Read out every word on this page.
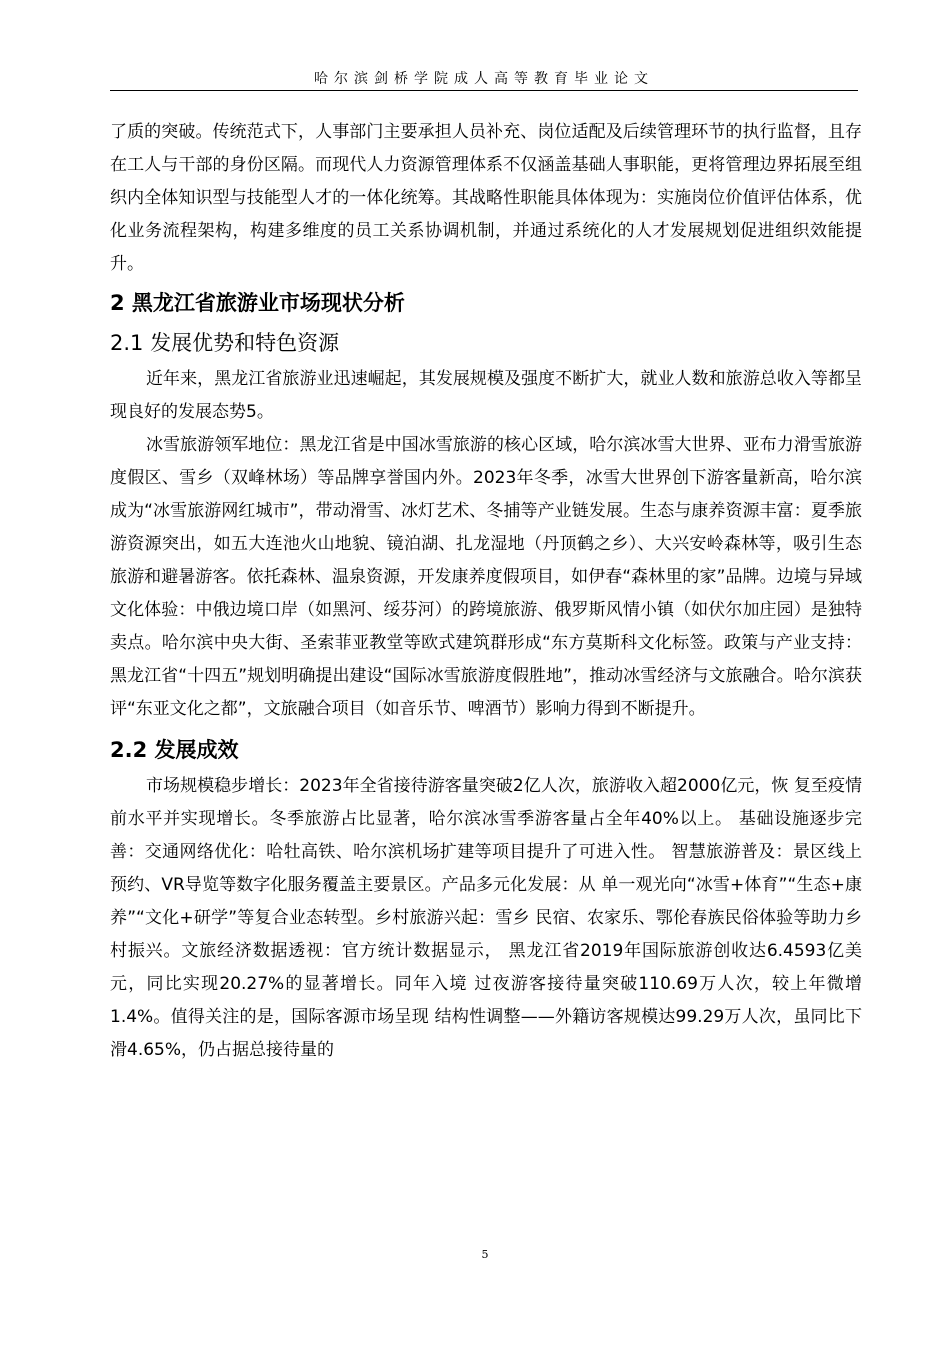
哈尔滨剑桥学院成人高等教育毕业论文

了质的突破。传统范式下，人事部门主要承担人员补充、岗位适配及后续管理环节的执行监督，且存在工人与干部的身份区隔。而现代人力资源管理体系不仅涵盖基础人事职能，更将管理边界拓展至组织内全体知识型与技能型人才的一体化统筹。其战略性职能具体体现为：实施岗位价值评估体系，优化业务流程架构，构建多维度的员工关系协调机制，并通过系统化的人才发展规划促进组织效能提升。

2 黑龙江省旅游业市场现状分析
2.1 发展优势和特色资源

近年来，黑龙江省旅游业迅速崛起，其发展规模及强度不断扩大，就业人数和旅游总收入等都呈现良好的发展态势5。

冰雪旅游领军地位：黑龙江省是中国冰雪旅游的核心区域，哈尔滨冰雪大世界、亚布力滑雪旅游度假区、雪乡（双峰林场）等品牌享誉国内外。2023年冬季，冰雪大世界创下游客量新高，哈尔滨成为“冰雪旅游网红城市”，带动滑雪、冰灯艺术、冬捕等产业链发展。生态与康养资源丰富：夏季旅游资源突出，如五大连池火山地貌、镜泊湖、扎龙湿地（丹顶鹤之乡）、大兴安岭森林等，吸引生态旅游和避暑游客。依托森林、温泉资源，开发康养度假项目，如伊春“森林里的家”品牌。边境与异域文化体验：中俄边境口岸（如黑河、绥芬河）的跨境旅游、俄罗斯风情小镇（如伏尔加庄园）是独特卖点。哈尔滨中央大街、圣索菲亚教堂等欧式建筑群形成“东方莫斯科文化标签。政策与产业支持：黑龙江省“十四五”规划明确提出建设“国际冰雪旅游度假胜地”，推动冰雪经济与文旅融合。哈尔滨获评“东亚文化之都”，文旅融合项目（如音乐节、啤酒节）影响力得到不断提升。

2.2 发展成效

市场规模稳步增长：2023年全省接待游客量突破2亿人次，旅游收入超2000亿元，恢 复至疫情前水平并实现增长。冬季旅游占比显著，哈尔滨冰雪季游客量占全年40%以上。 基础设施逐步完善：交通网络优化：哈牡高铁、哈尔滨机场扩建等项目提升了可进入性。 智慧旅游普及：景区线上预约、VR导览等数字化服务覆盖主要景区。产品多元化发展：从 单一观光向“冰雪+体育”“生态+康养”“文化+研学”等复合业态转型。乡村旅游兴起：雪乡 民宿、农家乐、鄂伦春族民俗体验等助力乡村振兴。文旅经济数据透视：官方统计数据显示， 黑龙江省2019年国际旅游创收达6.4593亿美元，同比实现20.27%的显著增长。同年入境 过夜游客接待量突破110.69万人次，较上年微增1.4%。值得关注的是，国际客源市场呈现 结构性调整——外籍访客规模达99.29万人次，虽同比下滑4.65%，仍占据总接待量的

5
